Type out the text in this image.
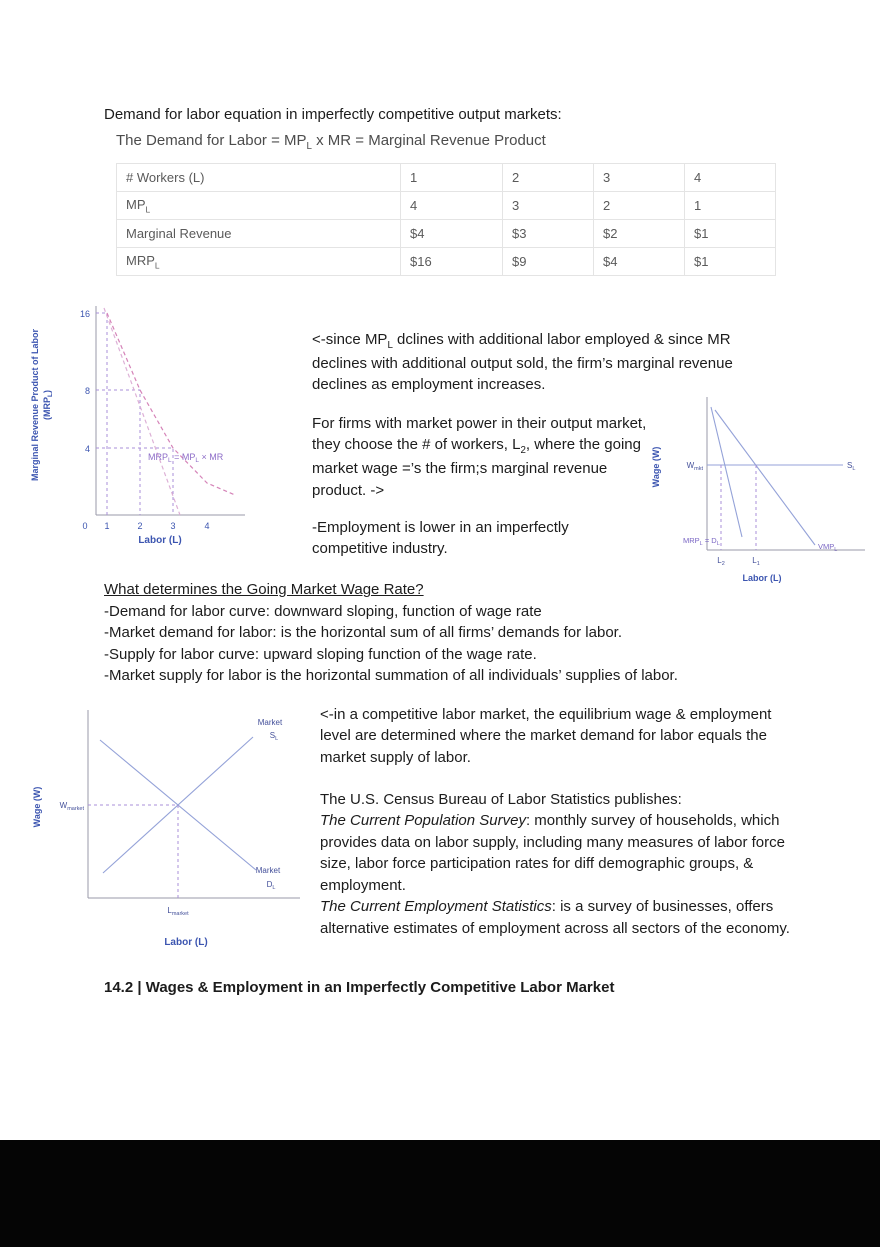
Demand for labor equation in imperfectly competitive output markets:
The Demand for Labor = $MP_L$ x MR = Marginal Revenue Product
# Workers (L)	1	2	3	4
$MP_L$	4	3	2	1
Marginal Revenue	$4	$3	$2	$1
$MRP_L$	$16	$9	$4	$1
Marginal Revenue Product of Labor $(MRP_L)$
16
8
4
0 1	2	3	4
$MRP_L = MP_L$ × MR
Labor (L)
<-since $MP_L$ dclines with additional labor employed & since MR declines with additional output sold, the firm’s marginal revenue declines as employment increases.
For firms with market power in their output market, they choose the # of workers, $L_2$, where the going market wage =’s the firm;s marginal revenue product. ->
-Employment is lower in an imperfectly competitive industry.
Wage (W)	$W_{mkt}$	$S_L$
$MRP_L = D_L$	$VMP_L$
$L_2$	$L_1$
Labor (L)
What determines the Going Market Wage Rate?
-Demand for labor curve: downward sloping, function of wage rate
-Market demand for labor: is the horizontal sum of all firms’ demands for labor.
-Supply for labor curve: upward sloping function of the wage rate.
-Market supply for labor is the horizontal summation of all individuals’ supplies of labor.
Wage (W) $W_{market}$
$L_{market}$
Market
$S_L$
Market
$D_L$
Labor (L)
<-in a competitive labor market, the equilibrium wage & employment level are determined where the market demand for labor equals the market supply of labor.
The U.S. Census Bureau of Labor Statistics publishes:
The Current Population Survey: monthly survey of households, which provides data on labor supply, including many measures of labor force size, labor force participation rates for diff demographic groups, & employment.
The Current Employment Statistics: is a survey of businesses, offers alternative estimates of employment across all sectors of the economy.
14.2 | Wages & Employment in an Imperfectly Competitive Labor Market
